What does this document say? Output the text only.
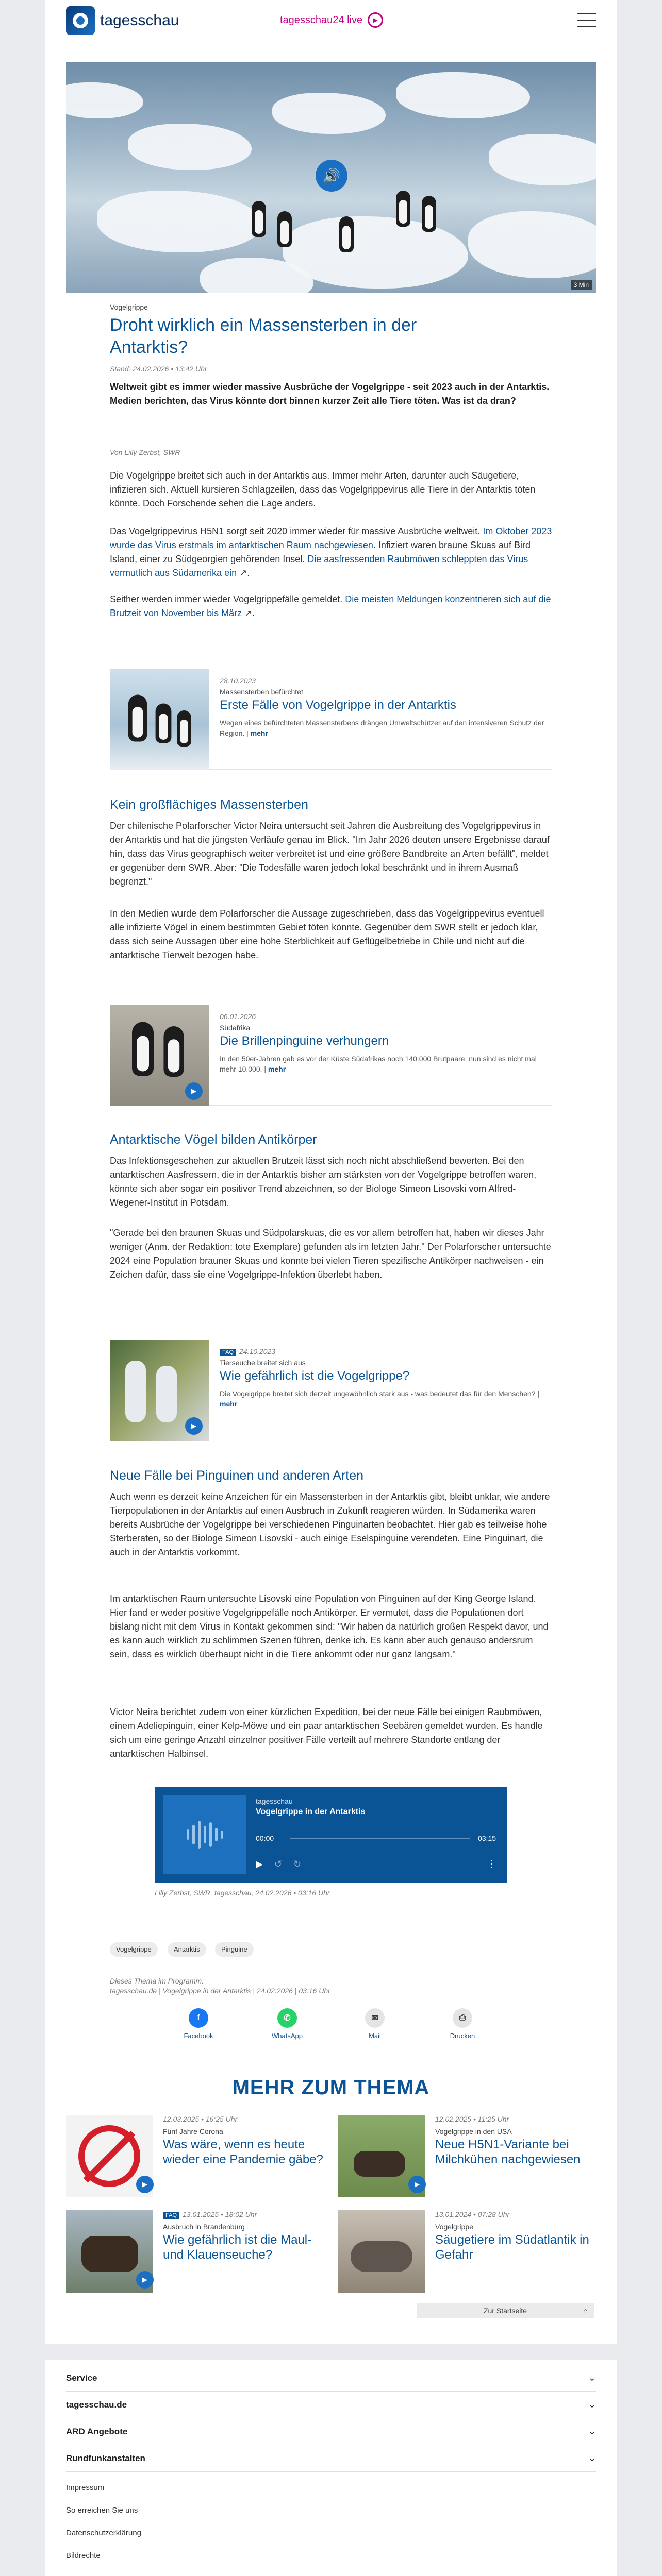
tagesschau	tagesschau24 live	▶
🔊
3 Min
Vogelgrippe
Droht wirklich ein Massensterben in der Antarktis?
Stand: 24.02.2026 • 13:42 Uhr

Weltweit gibt es immer wieder massive Ausbrüche der Vogelgrippe - seit 2023 auch in der Antarktis. Medien berichten, das Virus könnte dort binnen kurzer Zeit alle Tiere töten. Was ist da dran?

Von Lilly Zerbst, SWR

Die Vogelgrippe breitet sich auch in der Antarktis aus. Immer mehr Arten, darunter auch Säugetiere, infizieren sich. Aktuell kursieren Schlagzeilen, dass das Vogelgrippevirus alle Tiere in der Antarktis töten könnte. Doch Forschende sehen die Lage anders.

Das Vogelgrippevirus H5N1 sorgt seit 2020 immer wieder für massive Ausbrüche weltweit. Im Oktober 2023 wurde das Virus erstmals im antarktischen Raum nachgewiesen. Infiziert waren braune Skuas auf Bird Island, einer zu Südgeorgien gehörenden Insel. Die aasfressenden Raubmöwen schleppten das Virus vermutlich aus Südamerika ein ↗.

Seither werden immer wieder Vogelgrippefälle gemeldet. Die meisten Meldungen konzentrieren sich auf die Brutzeit von November bis März ↗.

28.10.2023
Massensterben befürchtet
Erste Fälle von Vogelgrippe in der Antarktis
Wegen eines befürchteten Massensterbens drängen Umweltschützer auf den intensiveren Schutz der Region. | mehr
Kein großflächiges Massensterben

Der chilenische Polarforscher Victor Neira untersucht seit Jahren die Ausbreitung des Vogelgrippevirus in der Antarktis und hat die jüngsten Verläufe genau im Blick. "Im Jahr 2026 deuten unsere Ergebnisse darauf hin, dass das Virus geographisch weiter verbreitet ist und eine größere Bandbreite an Arten befällt", meldet er gegenüber dem SWR. Aber: "Die Todesfälle waren jedoch lokal beschränkt und in ihrem Ausmaß begrenzt."

In den Medien wurde dem Polarforscher die Aussage zugeschrieben, dass das Vogelgrippevirus eventuell alle infizierte Vögel in einem bestimmten Gebiet töten könnte. Gegenüber dem SWR stellt er jedoch klar, dass sich seine Aussagen über eine hohe Sterblichkeit auf Geflügelbetriebe in Chile und nicht auf die antarktische Tierwelt bezogen habe.

▶
06.01.2026
Südafrika
Die Brillenpinguine verhungern
In den 50er-Jahren gab es vor der Küste Südafrikas noch 140.000 Brutpaare, nun sind es nicht mal mehr 10.000. | mehr
Antarktische Vögel bilden Antikörper

Das Infektionsgeschehen zur aktuellen Brutzeit lässt sich noch nicht abschließend bewerten. Bei den antarktischen Aasfressern, die in der Antarktis bisher am stärksten von der Vogelgrippe betroffen waren, könnte sich aber sogar ein positiver Trend abzeichnen, so der Biologe Simeon Lisovski vom Alfred-Wegener-Institut in Potsdam.

"Gerade bei den braunen Skuas und Südpolarskuas, die es vor allem betroffen hat, haben wir dieses Jahr weniger (Anm. der Redaktion: tote Exemplare) gefunden als im letzten Jahr." Der Polarforscher untersuchte 2024 eine Population brauner Skuas und konnte bei vielen Tieren spezifische Antikörper nachweisen - ein Zeichen dafür, dass sie eine Vogelgrippe-Infektion überlebt haben.

▶
FAQ 24.10.2023
Tierseuche breitet sich aus
Wie gefährlich ist die Vogelgrippe?
Die Vogelgrippe breitet sich derzeit ungewöhnlich stark aus - was bedeutet das für den Menschen? | mehr
Neue Fälle bei Pinguinen und anderen Arten

Auch wenn es derzeit keine Anzeichen für ein Massensterben in der Antarktis gibt, bleibt unklar, wie andere Tierpopulationen in der Antarktis auf einen Ausbruch in Zukunft reagieren würden. In Südamerika waren bereits Ausbrüche der Vogelgrippe bei verschiedenen Pinguinarten beobachtet. Hier gab es teilweise hohe Sterberaten, so der Biologe Simeon Lisovski - auch einige Eselspinguine verendeten. Eine Pinguinart, die auch in der Antarktis vorkommt.

Im antarktischen Raum untersuchte Lisovski eine Population von Pinguinen auf der King George Island. Hier fand er weder positive Vogelgrippefälle noch Antikörper. Er vermutet, dass die Populationen dort bislang nicht mit dem Virus in Kontakt gekommen sind: "Wir haben da natürlich großen Respekt davor, und es kann auch wirklich zu schlimmen Szenen führen, denke ich. Es kann aber auch genauso andersrum sein, dass es wirklich überhaupt nicht in die Tiere ankommt oder nur ganz langsam."

Victor Neira berichtet zudem von einer kürzlichen Expedition, bei der neue Fälle bei einigen Raubmöwen, einem Adeliepinguin, einer Kelp-Möwe und ein paar antarktischen Seebären gemeldet wurden. Es handle sich um eine geringe Anzahl einzelner positiver Fälle verteilt auf mehrere Standorte entlang der antarktischen Halbinsel.

tagesschau
Vogelgrippe in der Antarktis
00:00	03:15
▶ ↺ ↻	⋮
Lilly Zerbst, SWR, tagesschau, 24.02.2026 • 03:16 Uhr
Vogelgrippe	Antarktis	Pinguine
Dieses Thema im Programm:
tagesschau.de | Vogelgrippe in der Antarktis | 24.02.2026 | 03:16 Uhr
f
Facebook
✆
WhatsApp
✉
Mail
⎙
Drucken
MEHR ZUM THEMA
▶
12.03.2025 • 16:25 Uhr
Fünf Jahre Corona
Was wäre, wenn es heute wieder eine Pandemie gäbe?
▶
12.02.2025 • 11:25 Uhr
Vogelgrippe in den USA
Neue H5N1-Variante bei Milchkühen nachgewiesen
▶
FAQ 13.01.2025 • 18:02 Uhr
Ausbruch in Brandenburg
Wie gefährlich ist die Maul- und Klauenseuche?
13.01.2024 • 07:28 Uhr
Vogelgrippe
Säugetiere im Südatlantik in Gefahr
Zur Startseite	⌂
Service	⌄
tagesschau.de	⌄
ARD Angebote	⌄
Rundfunkanstalten	⌄
Impressum
So erreichen Sie uns
Datenschutzerklärung
Bildrechte
